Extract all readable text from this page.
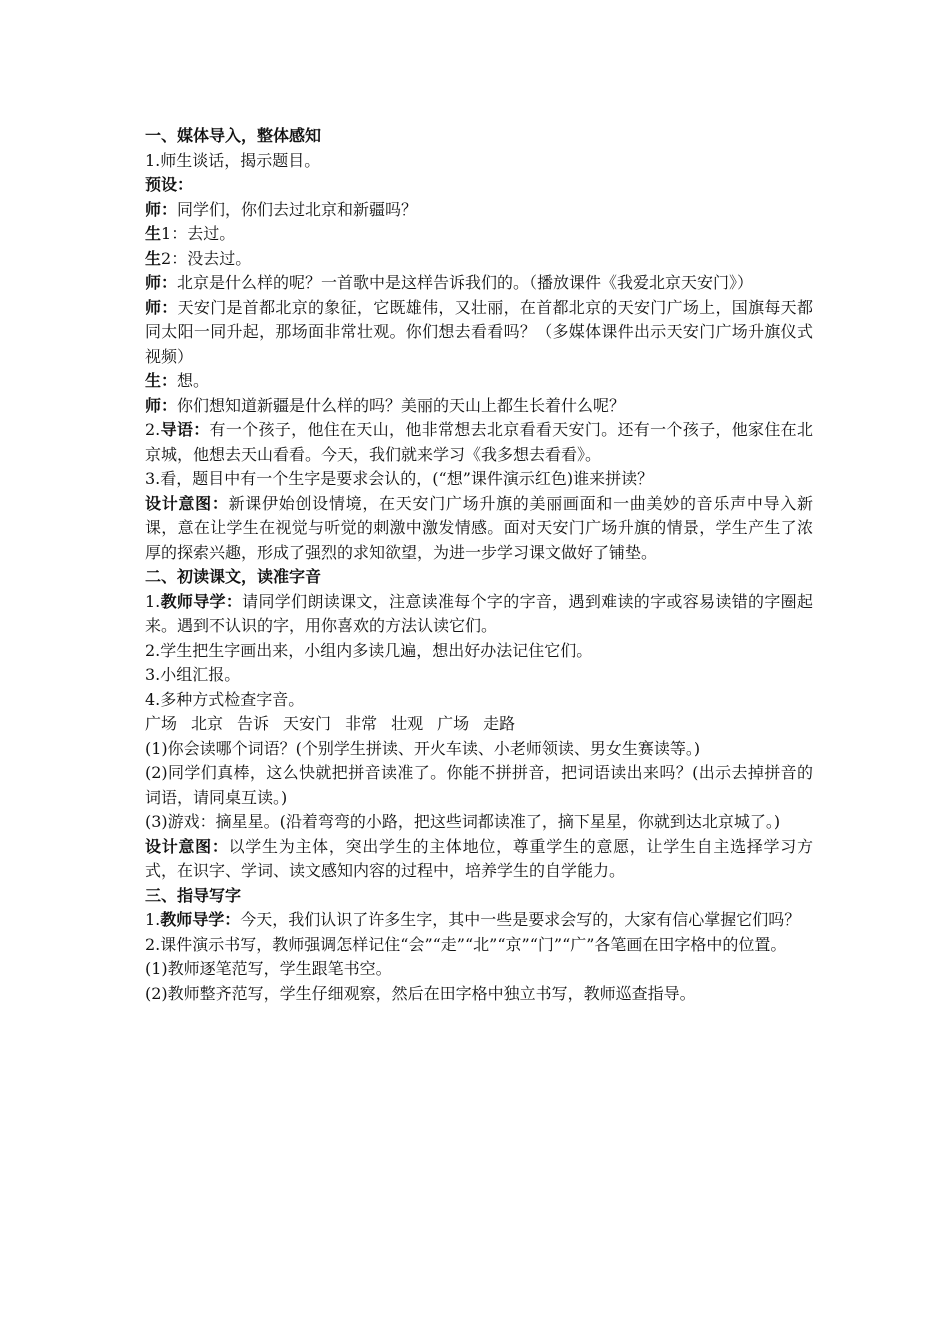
一、媒体导入，整体感知

1.师生谈话，揭示题目。

预设：

师：同学们，你们去过北京和新疆吗？

生1：去过。

生2：没去过。

师：北京是什么样的呢？一首歌中是这样告诉我们的。（播放课件《我爱北京天安门》）

师：天安门是首都北京的象征，它既雄伟，又壮丽，在首都北京的天安门广场上，国旗每天都同太阳一同升起，那场面非常壮观。你们想去看看吗？（多媒体课件出示天安门广场升旗仪式视频）

生：想。

师：你们想知道新疆是什么样的吗？美丽的天山上都生长着什么呢？

2.导语：有一个孩子，他住在天山，他非常想去北京看看天安门。还有一个孩子，他家住在北京城，他想去天山看看。今天，我们就来学习《我多想去看看》。

3.看，题目中有一个生字是要求会认的，(“想”课件演示红色)谁来拼读？

设计意图：新课伊始创设情境，在天安门广场升旗的美丽画面和一曲美妙的音乐声中导入新课，意在让学生在视觉与听觉的刺激中激发情感。面对天安门广场升旗的情景，学生产生了浓厚的探索兴趣，形成了强烈的求知欲望，为进一步学习课文做好了铺垫。

二、初读课文，读准字音

1.教师导学：请同学们朗读课文，注意读准每个字的字音，遇到难读的字或容易读错的字圈起来。遇到不认识的字，用你喜欢的方法认读它们。

2.学生把生字画出来，小组内多读几遍，想出好办法记住它们。

3.小组汇报。

4.多种方式检查字音。

广场 北京 告诉 天安门 非常 壮观 广场 走路

(1)你会读哪个词语？(个别学生拼读、开火车读、小老师领读、男女生赛读等。)

(2)同学们真棒，这么快就把拼音读准了。你能不拼拼音，把词语读出来吗？(出示去掉拼音的词语，请同桌互读。)

(3)游戏：摘星星。(沿着弯弯的小路，把这些词都读准了，摘下星星，你就到达北京城了。)

设计意图：以学生为主体，突出学生的主体地位，尊重学生的意愿，让学生自主选择学习方式，在识字、学词、读文感知内容的过程中，培养学生的自学能力。

三、指导写字

1.教师导学：今天，我们认识了许多生字，其中一些是要求会写的，大家有信心掌握它们吗？

2.课件演示书写，教师强调怎样记住“会”“走”“北”“京”“门”“广”各笔画在田字格中的位置。

(1)教师逐笔范写，学生跟笔书空。

(2)教师整齐范写，学生仔细观察，然后在田字格中独立书写，教师巡查指导。
